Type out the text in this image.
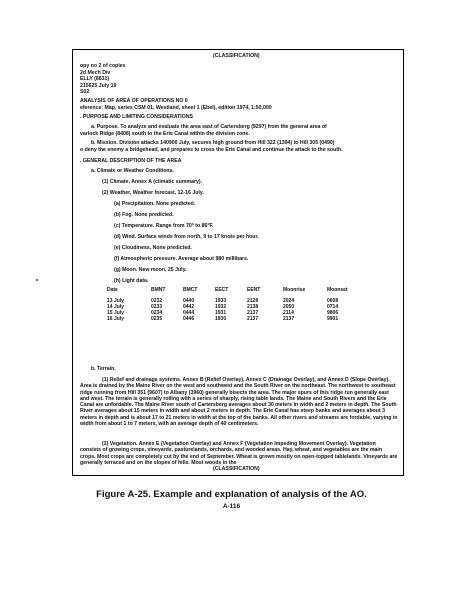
(CLASSIFICATION)
opy no 2 of copies
2d Mech Div
ELLY (8831)
215625 July 19
S02
ANALYSIS OF AREA OF OPERATIONS NO 6
eference: Map, series CSM 01, Westland, sheet 1 (Ebel), edition 1974, 1:50,000
. PURPOSE AND LIMITING CONSIDERATIONS
a. Purpose. To analyze and evaluate the area east of Cartersberg (9297) from the general area of
varlock Ridge (8408) south to the Erie Canal within the division zone.
b. Mission. Division attacks 140900 July, secures high ground from Hill 322 (1394) to Hill 305 (0490)
o deny the enemy a bridgehead, and prepares to cross the Erie Canal and continue the attack to the south.
. GENERAL DESCRIPTION OF THE AREA
a. Climate or Weather Conditions.
(1) Climate, Annex A (climatic summary).
(2) Weather, Weather forecast, 12-16 July.
(a) Precipitation. None predicted.
(b) Fog. None predicted.
(c) Temperature. Range from 70° to 86°F.
(d) Wind. Surface winds from north, 9 to 17 knots per hour.
(e) Cloudiness. None predicted.
(f) Atmospheric pressure. Average about 980 millibars.
(g) Moon. New moon, 25 July.
(h) Light data.
Date	BMNT	BMCT	EECT	EENT	Moonrise	Moonset

13 July	0232	0440	1933	2128	2024	0608
14 July	0233	0442	1932	2138	2050	0714
15 July	0234	0444	1931	2137	2114	9806
16 July	0235	0446	1930	2137	2137	9901
b. Terrain.
(1) Relief and drainage systems. Annex B (Relief Overlay), Annex C (Drainage Overlay), and Annex D (Slope Overlay). Area is drained by the Maine River on the west and southwest and the South River on the northeast. The northwest to southeast ridge running from Hill 351 (9607) to Albany (3960) generally bisects the area. The major spurs of this ridge run generally east and west. The terrain is generally rolling with a series of sharply, rising table lands. The Maine and South Rivers and the Erie Canal are unfordable. The Maine River south of Cartersberg averages about 30 meters in width and 2 meters in depth. The South River averages about 15 meters in width and about 2 meters in depth. The Erie Canal has steep banks and averages about 3 meters in depth and is about 17 to 21 meters in width at the top of the banks. All other rivers and streams are fordable, varying in width from about 1 to 7 meters, with an average depth of 40 centimeters.
(2) Vegetation. Annex E (Vegetation Overlay) and Annex F (Vegetation Impeding Movement Overlay). Vegetation consists of growing crops, vineyards, pasturelands, orchards, and wooded areas. Hay, wheat, and vegetables are the main crops. Most crops are completely cut by the end of September. Wheat is grown mostly on open-topped tablelands. Vineyards are generally terraced and on the slopes of hills. Most woods in the
(CLASSIFICATION)
Figure A-25. Example and explanation of analysis of the AO.
A-116
